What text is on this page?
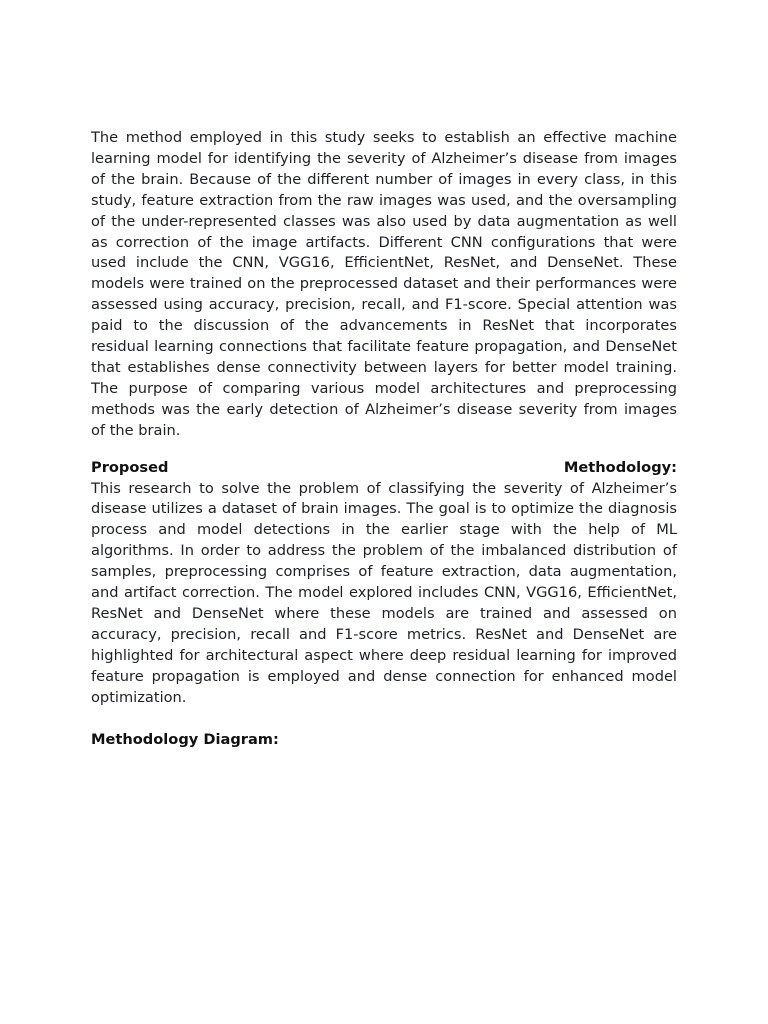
The method employed in this study seeks to establish an effective machine learning model for identifying the severity of Alzheimer’s disease from images of the brain. Because of the different number of images in every class, in this study, feature extraction from the raw images was used, and the oversampling of the under-represented classes was also used by data augmentation as well as correction of the image artifacts. Different CNN configurations that were used include the CNN, VGG16, EfficientNet, ResNet, and DenseNet. These models were trained on the preprocessed dataset and their performances were assessed using accuracy, precision, recall, and F1-score. Special attention was paid to the discussion of the advancements in ResNet that incorporates residual learning connections that facilitate feature propagation, and DenseNet that establishes dense connectivity between layers for better model training. The purpose of comparing various model architectures and preprocessing methods was the early detection of Alzheimer’s disease severity from images of the brain.

Proposed	Methodology:

This research to solve the problem of classifying the severity of Alzheimer’s disease utilizes a dataset of brain images. The goal is to optimize the diagnosis process and model detections in the earlier stage with the help of ML algorithms. In order to address the problem of the imbalanced distribution of samples, preprocessing comprises of feature extraction, data augmentation, and artifact correction. The model explored includes CNN, VGG16, EfficientNet, ResNet and DenseNet where these models are trained and assessed on accuracy, precision, recall and F1-score metrics. ResNet and DenseNet are highlighted for architectural aspect where deep residual learning for improved feature propagation is employed and dense connection for enhanced model optimization.

Methodology Diagram:
